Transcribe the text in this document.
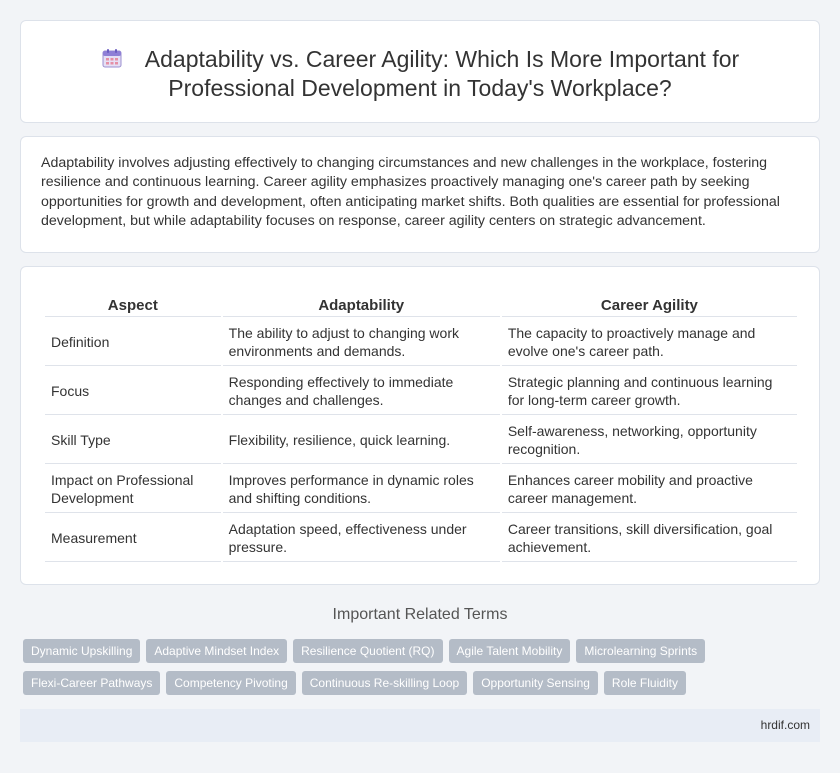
Adaptability vs. Career Agility: Which Is More Important for Professional Development in Today's Workplace?

Adaptability involves adjusting effectively to changing circumstances and new challenges in the workplace, fostering resilience and continuous learning. Career agility emphasizes proactively managing one's career path by seeking opportunities for growth and development, often anticipating market shifts. Both qualities are essential for professional development, but while adaptability focuses on response, career agility centers on strategic advancement.

Aspect	Adaptability	Career Agility
Definition	The ability to adjust to changing work environments and demands.	The capacity to proactively manage and evolve one's career path.
Focus	Responding effectively to immediate changes and challenges.	Strategic planning and continuous learning for long-term career growth.
Skill Type	Flexibility, resilience, quick learning.	Self-awareness, networking, opportunity recognition.
Impact on Professional Development	Improves performance in dynamic roles and shifting conditions.	Enhances career mobility and proactive career management.
Measurement	Adaptation speed, effectiveness under pressure.	Career transitions, skill diversification, goal achievement.
Important Related Terms
Dynamic Upskilling Adaptive Mindset Index Resilience Quotient (RQ) Agile Talent Mobility Microlearning Sprints
Flexi-Career Pathways Competency Pivoting Continuous Re-skilling Loop Opportunity Sensing Role Fluidity
hrdif.com
